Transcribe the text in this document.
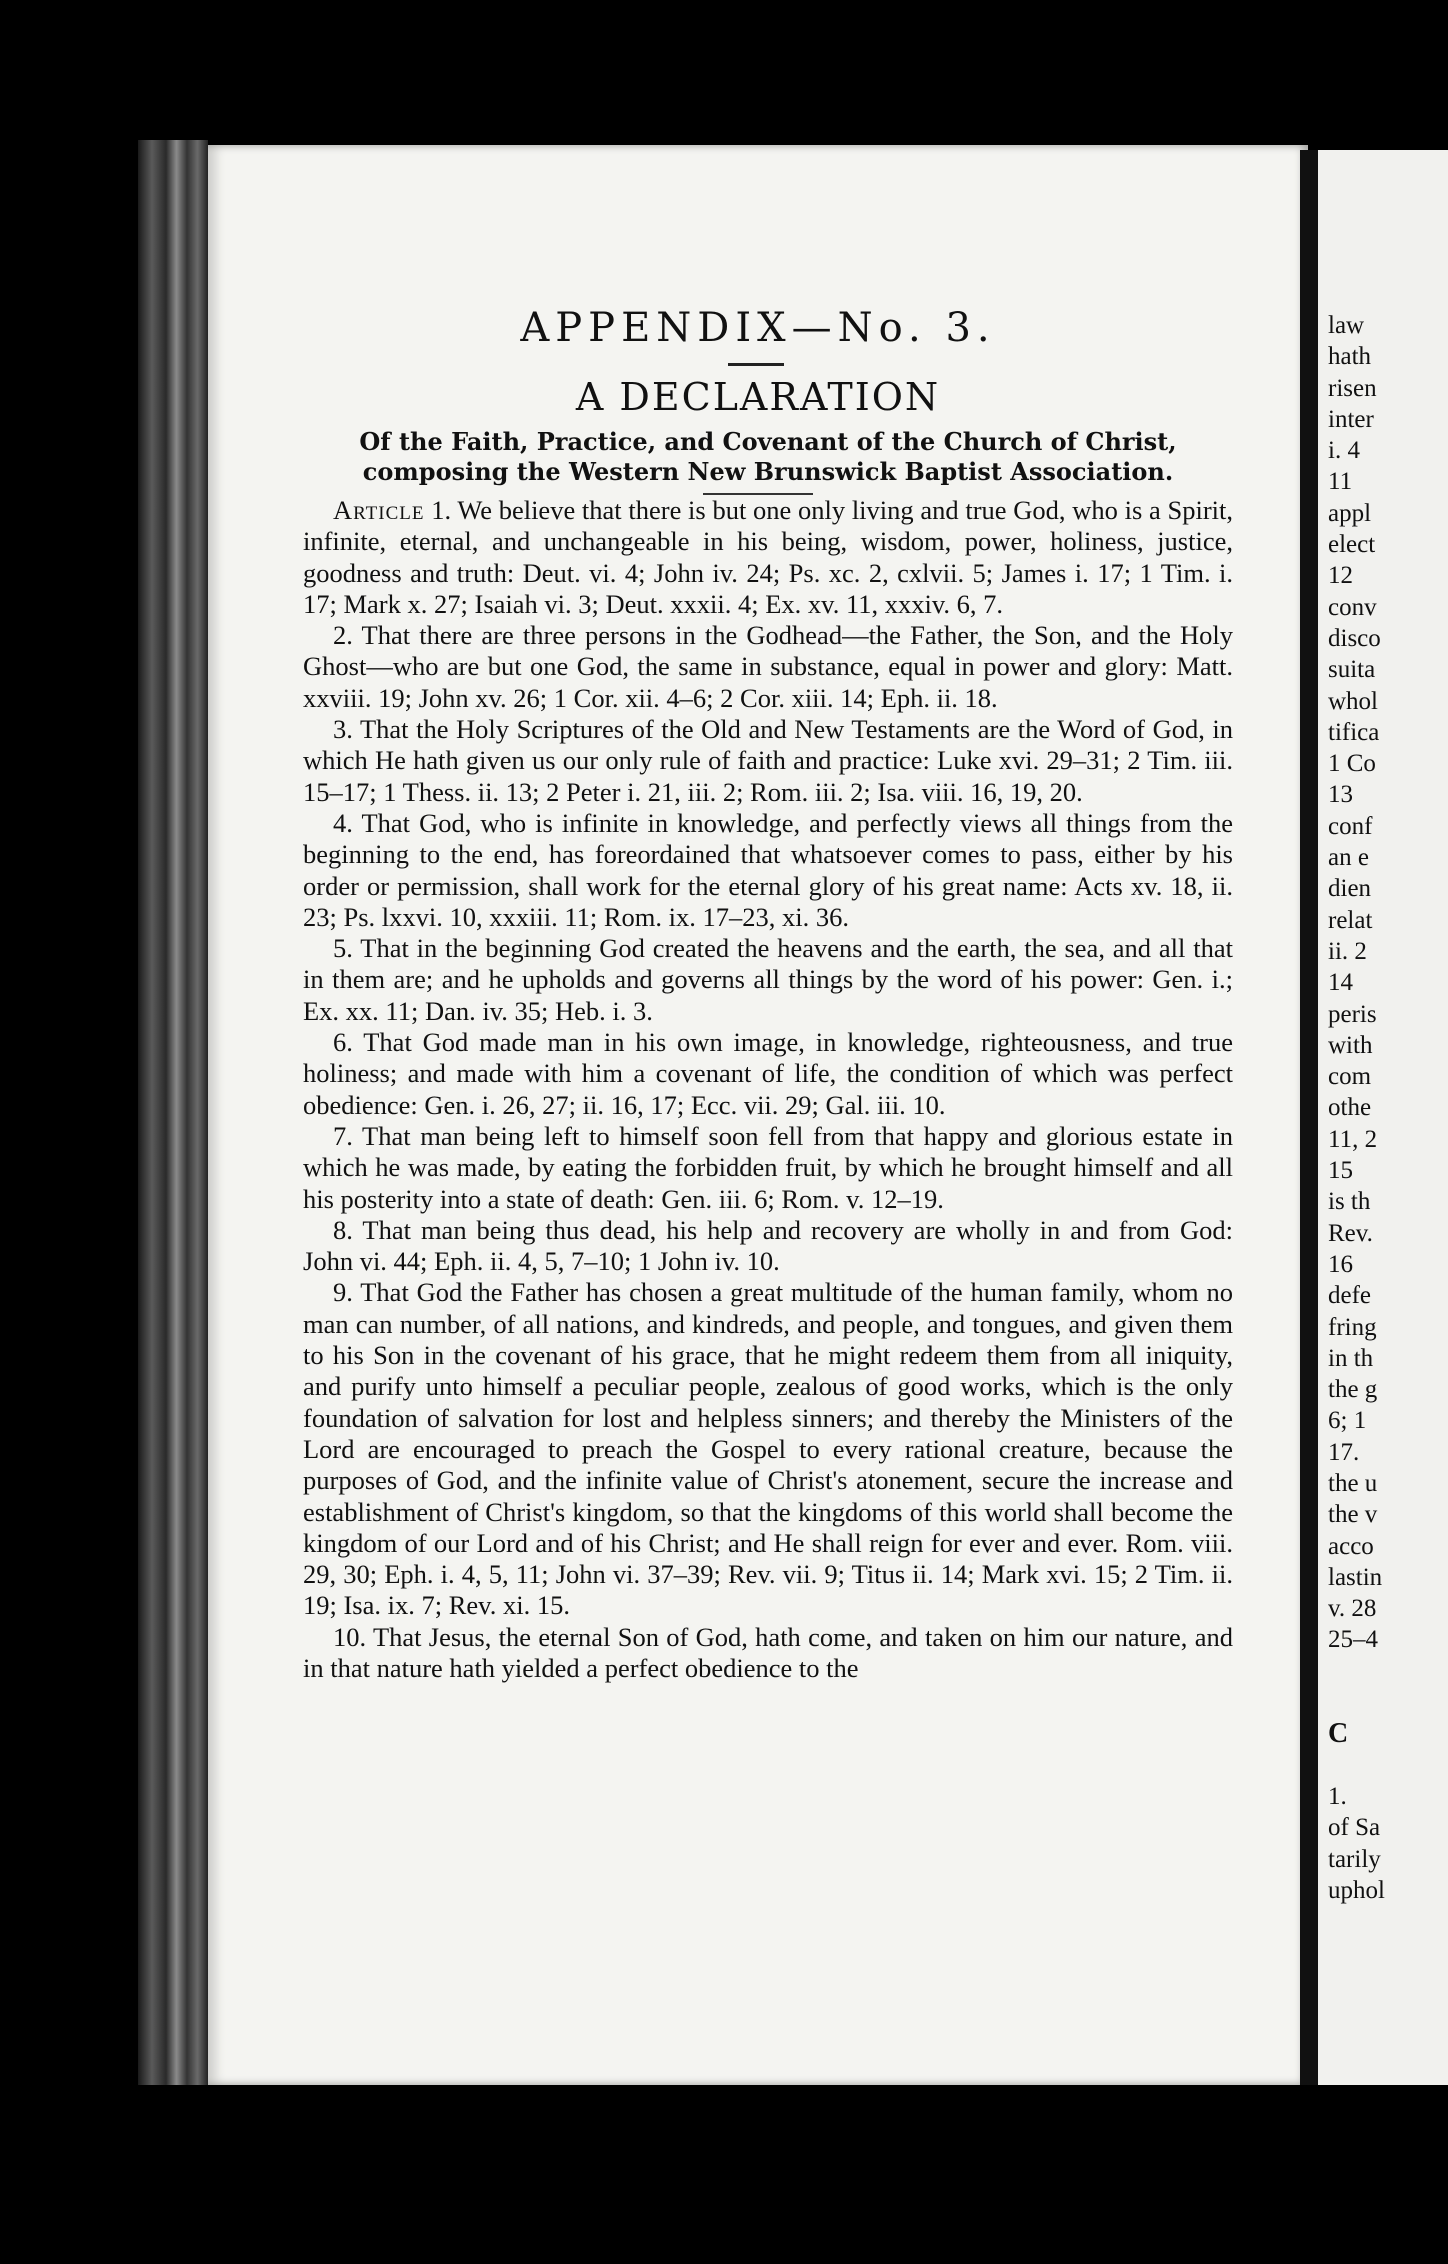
APPENDIX—No. 3.
A DECLARATION
Of the Faith, Practice, and Covenant of the Church of Christ,
composing the Western New Brunswick Baptist Association.

Article 1. We believe that there is but one only living and true God, who is a Spirit, infinite, eternal, and unchangeable in his being, wisdom, power, holiness, justice, goodness and truth: Deut. vi. 4; John iv. 24; Ps. xc. 2, cxlvii. 5; James i. 17; 1 Tim. i. 17; Mark x. 27; Isaiah vi. 3; Deut. xxxii. 4; Ex. xv. 11, xxxiv. 6, 7.

2. That there are three persons in the Godhead—the Father, the Son, and the Holy Ghost—who are but one God, the same in substance, equal in power and glory: Matt. xxviii. 19; John xv. 26; 1 Cor. xii. 4–6; 2 Cor. xiii. 14; Eph. ii. 18.

3. That the Holy Scriptures of the Old and New Testaments are the Word of God, in which He hath given us our only rule of faith and practice: Luke xvi. 29–31; 2 Tim. iii. 15–17; 1 Thess. ii. 13; 2 Peter i. 21, iii. 2; Rom. iii. 2; Isa. viii. 16, 19, 20.

4. That God, who is infinite in knowledge, and perfectly views all things from the beginning to the end, has foreordained that whatsoever comes to pass, either by his order or permission, shall work for the eternal glory of his great name: Acts xv. 18, ii. 23; Ps. lxxvi. 10, xxxiii. 11; Rom. ix. 17–23, xi. 36.

5. That in the beginning God created the heavens and the earth, the sea, and all that in them are; and he upholds and governs all things by the word of his power: Gen. i.; Ex. xx. 11; Dan. iv. 35; Heb. i. 3.

6. That God made man in his own image, in knowledge, righteousness, and true holiness; and made with him a covenant of life, the condition of which was perfect obedience: Gen. i. 26, 27; ii. 16, 17; Ecc. vii. 29; Gal. iii. 10.

7. That man being left to himself soon fell from that happy and glorious estate in which he was made, by eating the forbidden fruit, by which he brought himself and all his posterity into a state of death: Gen. iii. 6; Rom. v. 12–19.

8. That man being thus dead, his help and recovery are wholly in and from God: John vi. 44; Eph. ii. 4, 5, 7–10; 1 John iv. 10.

9. That God the Father has chosen a great multitude of the human family, whom no man can number, of all nations, and kindreds, and people, and tongues, and given them to his Son in the covenant of his grace, that he might redeem them from all iniquity, and purify unto himself a peculiar people, zealous of good works, which is the only foundation of salvation for lost and helpless sinners; and thereby the Ministers of the Lord are encouraged to preach the Gospel to every rational creature, because the purposes of God, and the infinite value of Christ's atonement, secure the increase and establishment of Christ's kingdom, so that the kingdoms of this world shall become the kingdom of our Lord and of his Christ; and He shall reign for ever and ever. Rom. viii. 29, 30; Eph. i. 4, 5, 11; John vi. 37–39; Rev. vii. 9; Titus ii. 14; Mark xvi. 15; 2 Tim. ii. 19; Isa. ix. 7; Rev. xi. 15.

10. That Jesus, the eternal Son of God, hath come, and taken on him our nature, and in that nature hath yielded a perfect obedience to the

law
hath
risen
inter
i. 4
11
appl
elect
12
conv
disco
suita
whol
tifica
1 Co
13
conf
an e
dien
relat
ii. 2
14
peris
with
com
othe
11, 2
15
is th
Rev.
16
defe
fring
in th
the g
6; 1
17.
the u
the v
acco
lastin
v. 28
25–4
C
1.
of Sa
tarily
uphol
